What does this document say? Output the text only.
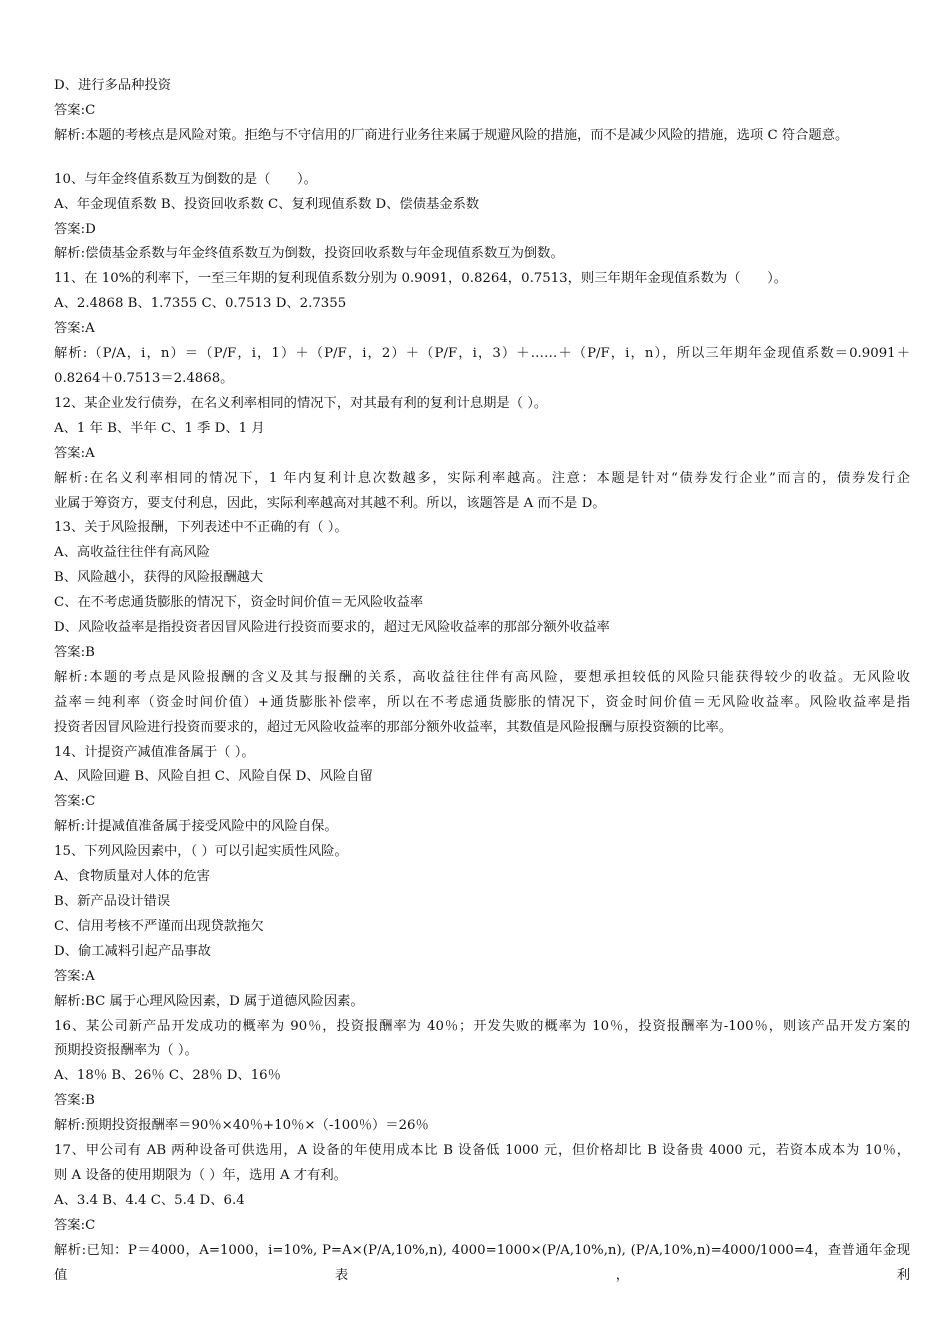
D、进行多品种投资
答案:C
解析:本题的考核点是风险对策。拒绝与不守信用的厂商进行业务往来属于规避风险的措施，而不是减少风险的措施，选项 C 符合题意。
10、与年金终值系数互为倒数的是（　　）。
A、年金现值系数 B、投资回收系数 C、复利现值系数 D、偿债基金系数
答案:D
解析:偿债基金系数与年金终值系数互为倒数，投资回收系数与年金现值系数互为倒数。
11、在 10%的利率下，一至三年期的复利现值系数分别为 0.9091，0.8264，0.7513，则三年期年金现值系数为（　　）。
A、2.4868 B、1.7355 C、0.7513 D、2.7355
答案:A
解析:（P/A，i，n）＝（P/F，i，1）＋（P/F，i，2）＋（P/F，i，3）＋……＋（P/F，i，n），所以三年期年金现值系数＝0.9091＋
0.8264＋0.7513＝2.4868。
12、某企业发行债券，在名义利率相同的情况下，对其最有利的复利计息期是（ ）。
A、1 年 B、半年 C、1 季 D、1 月
答案:A
解析:在名义利率相同的情况下，1 年内复利计息次数越多，实际利率越高。注意：本题是针对“债券发行企业”而言的，债券发行企
业属于筹资方，要支付利息，因此，实际利率越高对其越不利。所以，该题答是 A 而不是 D。
13、关于风险报酬，下列表述中不正确的有（ ）。
A、高收益往往伴有高风险
B、风险越小，获得的风险报酬越大
C、在不考虑通货膨胀的情况下，资金时间价值＝无风险收益率
D、风险收益率是指投资者因冒风险进行投资而要求的，超过无风险收益率的那部分额外收益率
答案:B
解析:本题的考点是风险报酬的含义及其与报酬的关系，高收益往往伴有高风险，要想承担较低的风险只能获得较少的收益。无风险收
益率＝纯利率（资金时间价值）+通货膨胀补偿率，所以在不考虑通货膨胀的情况下，资金时间价值＝无风险收益率。风险收益率是指
投资者因冒风险进行投资而要求的，超过无风险收益率的那部分额外收益率，其数值是风险报酬与原投资额的比率。
14、计提资产减值准备属于（ ）。
A、风险回避 B、风险自担 C、风险自保 D、风险自留
答案:C
解析:计提减值准备属于接受风险中的风险自保。
15、下列风险因素中，（ ）可以引起实质性风险。
A、食物质量对人体的危害
B、新产品设计错误
C、信用考核不严谨而出现贷款拖欠
D、偷工减料引起产品事故
答案:A
解析:BC 属于心理风险因素，D 属于道德风险因素。
16、某公司新产品开发成功的概率为 90％，投资报酬率为 40％；开发失败的概率为 10％，投资报酬率为-100％，则该产品开发方案的
预期投资报酬率为（ ）。
A、18％ B、26％ C、28％ D、16％
答案:B
解析:预期投资报酬率＝90％×40％+10％×（-100％）＝26％
17、甲公司有 AB 两种设备可供选用，A 设备的年使用成本比 B 设备低 1000 元，但价格却比 B 设备贵 4000 元，若资本成本为 10％，
则 A 设备的使用期限为（ ）年，选用 A 才有利。
A、3.4 B、4.4 C、5.4 D、6.4
答案:C
解析:已知：P＝4000，A=1000，i=10%, P=A×(P/A,10%,n), 4000=1000×(P/A,10%,n), (P/A,10%,n)=4000/1000=4，查普通年金现值表，利
